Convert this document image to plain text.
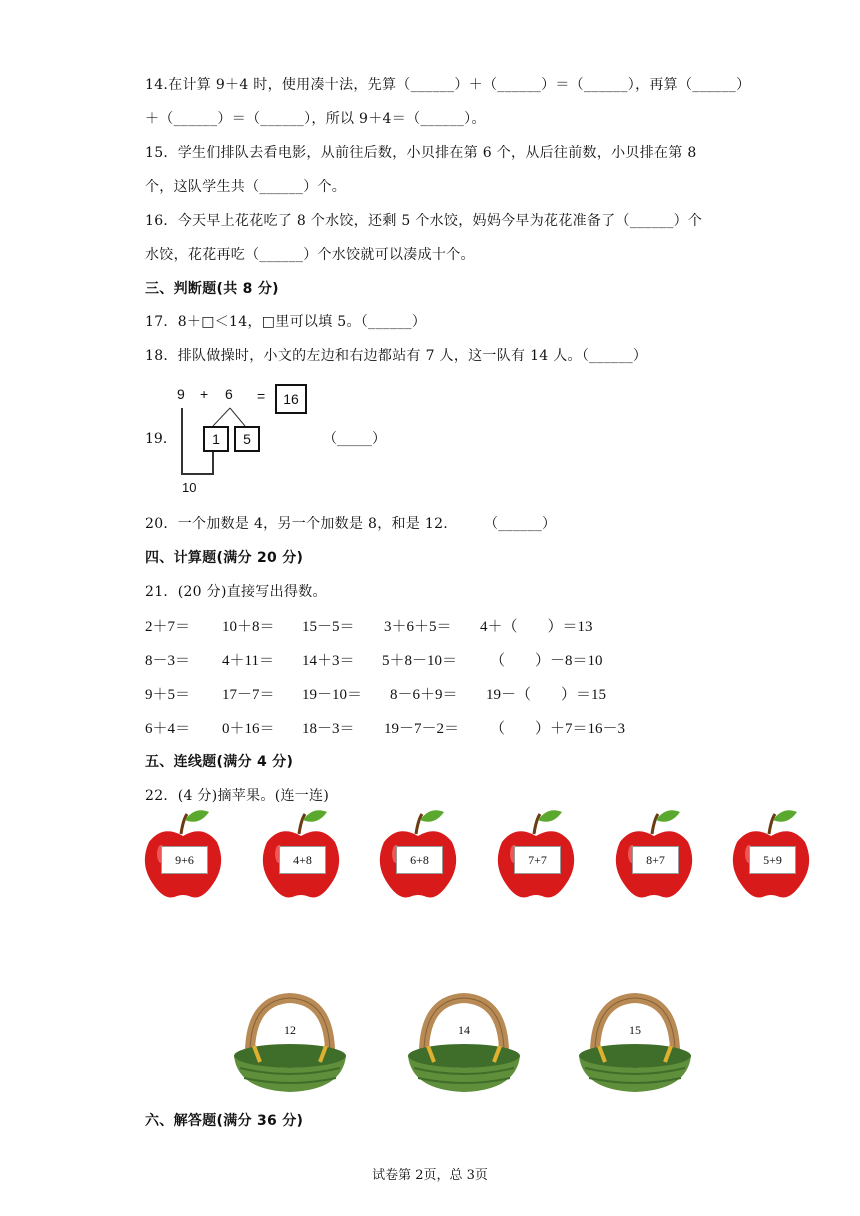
14.在计算 9＋4 时，使用凑十法，先算（______）＋（______）＝（______），再算（______）
＋（______）＝（______），所以 9＋4＝（______）。
15．学生们排队去看电影，从前往后数，小贝排在第 6 个，从后往前数，小贝排在第 8
个，这队学生共（______）个。
16．今天早上花花吃了 8 个水饺，还剩 5 个水饺，妈妈今早为花花准备了（______）个
水饺，花花再吃（______）个水饺就可以凑成十个。
三、判断题(共 8 分)
17．8＋□＜14，□里可以填 5。（______）
18．排队做操时，小文的左边和右边都站有 7 人，这一队有 14 人。（______）
19．
9 + 6 =	16
1	5
10
（_____）
20．一个加数是 4，另一个加数是 8，和是 12.　　　（______）
四、计算题(满分 20 分)
21．(20 分)直接写出得数。
2＋7＝ 10＋8＝ 15－5＝ 3＋6＋5＝ 4＋（　　）＝13
8－3＝ 4＋11＝ 14＋3＝ 5＋8－10＝ （　　）－8＝10
9＋5＝ 17－7＝ 19－10＝ 8－6＋9＝ 19－（　　）＝15
6＋4＝ 0＋16＝ 18－3＝ 19－7－2＝ （　　）＋7＝16－3
五、连线题(满分 4 分)
22．(4 分)摘苹果。(连一连)
9+6	4+8	6+8	7+7	8+7	5+9
12	14	15
六、解答题(满分 36 分)
试卷第 2页，总 3页
